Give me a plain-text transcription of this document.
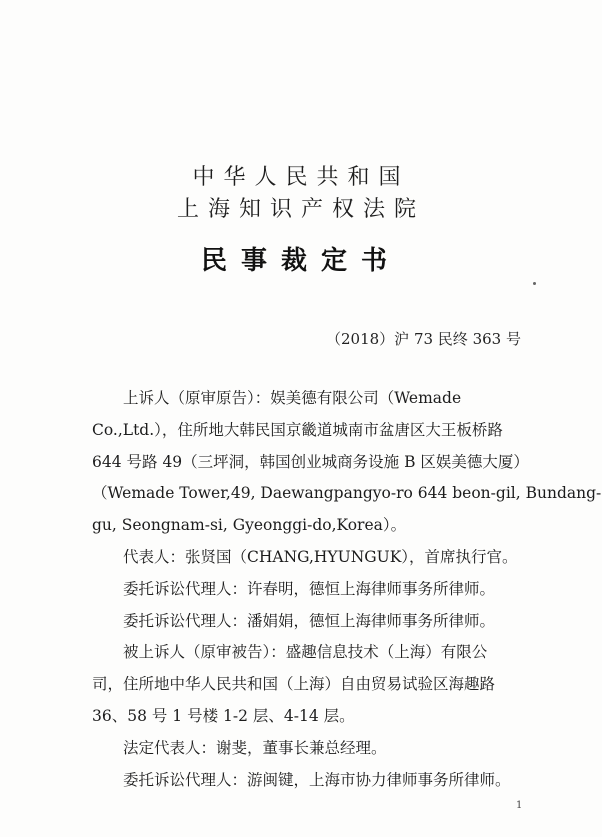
中华人民共和国
上海知识产权法院
民事裁定书
（2018）沪 73 民终 363 号

上诉人（原审原告）：娱美德有限公司（Wemade
Co.,Ltd.），住所地大韩民国京畿道城南市盆唐区大王板桥路
644 号路 49（三坪洞，韩国创业城商务设施 B 区娱美德大厦）
（Wemade Tower,49, Daewangpangyo-ro 644 beon-gil, Bundang-
gu, Seongnam-si, Gyeonggi-do,Korea）。

代表人：张贤国（CHANG,HYUNGUK），首席执行官。

委托诉讼代理人：许春明，德恒上海律师事务所律师。

委托诉讼代理人：潘娟娟，德恒上海律师事务所律师。

被上诉人（原审被告）：盛趣信息技术（上海）有限公
司，住所地中华人民共和国（上海）自由贸易试验区海趣路
36、58 号 1 号楼 1-2 层、4-14 层。

法定代表人：谢斐，董事长兼总经理。

委托诉讼代理人：游闽键，上海市协力律师事务所律师。

1
